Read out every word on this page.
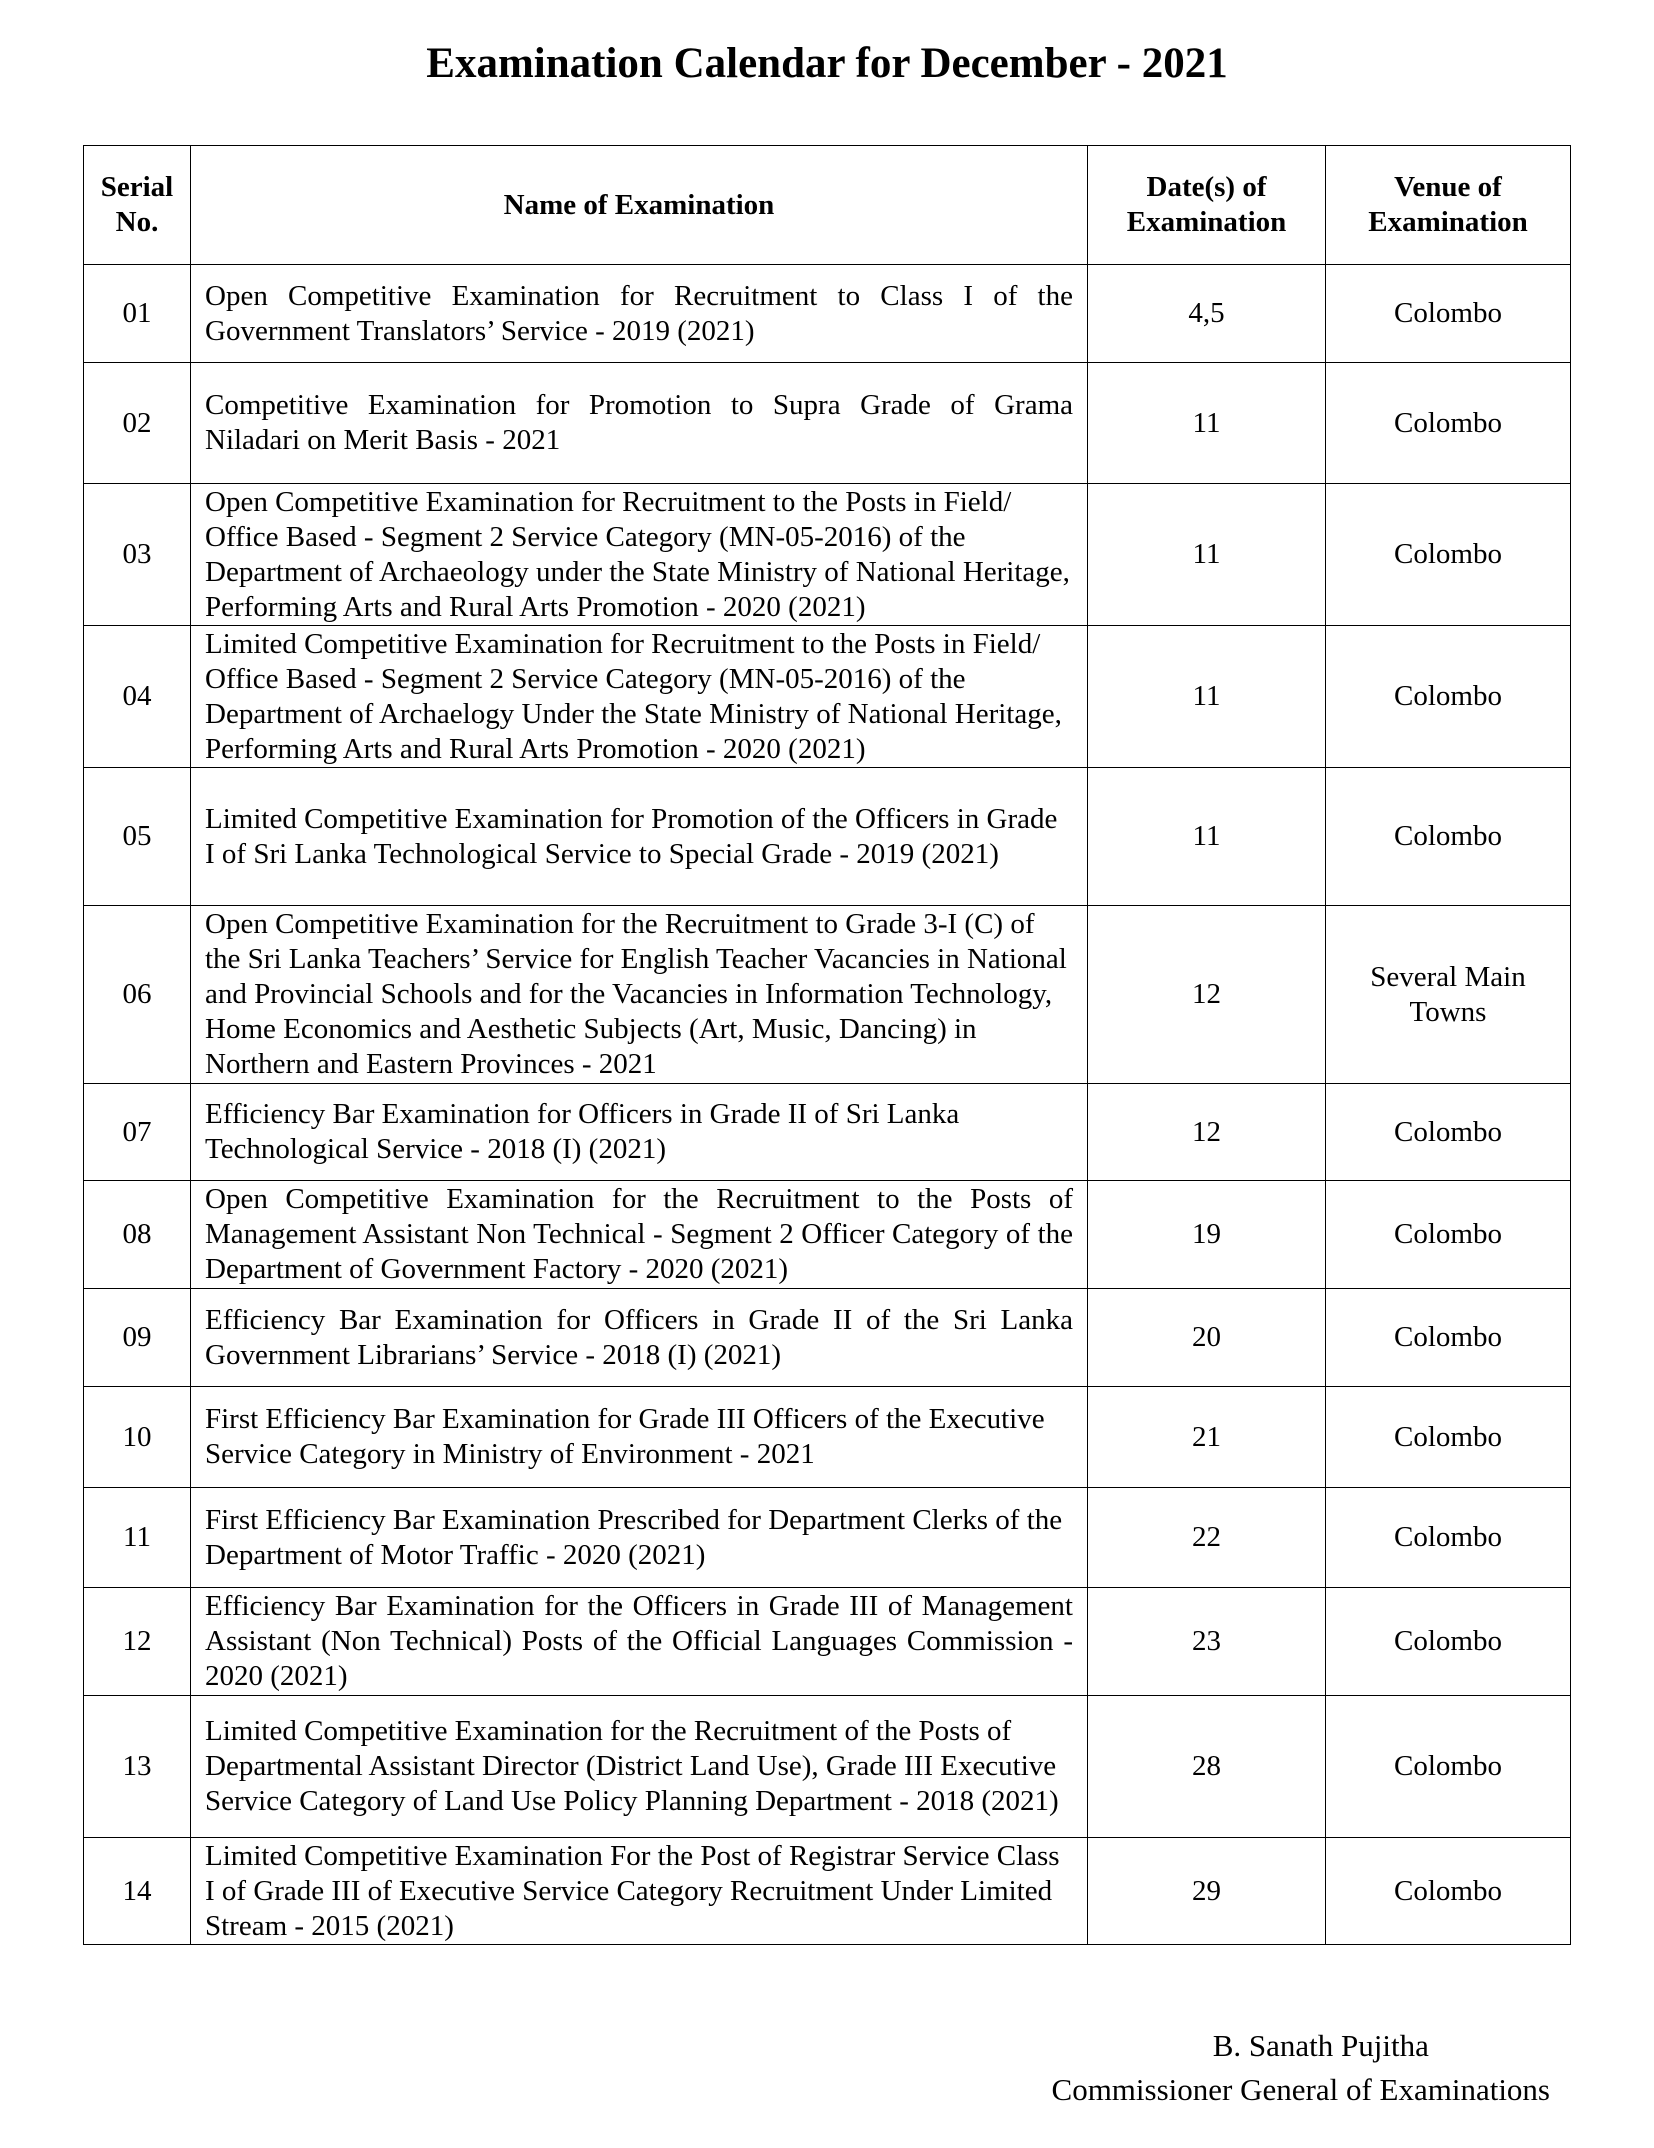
Examination Calendar for December - 2021
Serial No.	Name of Examination	Date(s) of Examination	Venue of Examination
01	Open Competitive Examination for Recruitment to Class I of the Government Translators’ Service - 2019 (2021)	4,5	Colombo
02	Competitive Examination for Promotion to Supra Grade of Grama Niladari on Merit Basis - 2021	11	Colombo
03	Open Competitive Examination for Recruitment to the Posts in Field/ Office Based - Segment 2 Service Category (MN-05-2016) of the Department of Archaeology under the State Ministry of National Heritage, Performing Arts and Rural Arts Promotion - 2020 (2021)	11	Colombo
04	Limited Competitive Examination for Recruitment to the Posts in Field/ Office Based - Segment 2 Service Category (MN-05-2016) of the Department of Archaelogy Under the State Ministry of National Heritage, Performing Arts and Rural Arts Promotion - 2020 (2021)	11	Colombo
05	Limited Competitive Examination for Promotion of the Officers in Grade I of Sri Lanka Technological Service to Special Grade - 2019 (2021)	11	Colombo
06	Open Competitive Examination for the Recruitment to Grade 3-I (C) of the Sri Lanka Teachers’ Service for English Teacher Vacancies in National and Provincial Schools and for the Vacancies in Information Technology, Home Economics and Aesthetic Subjects (Art, Music, Dancing) in Northern and Eastern Provinces - 2021	12	Several Main Towns
07	Efficiency Bar Examination for Officers in Grade II of Sri Lanka Technological Service - 2018 (I) (2021)	12	Colombo
08	Open Competitive Examination for the Recruitment to the Posts of Management Assistant Non Technical - Segment 2 Officer Category of the Department of Government Factory - 2020 (2021)	19	Colombo
09	Efficiency Bar Examination for Officers in Grade II of the Sri Lanka Government Librarians’ Service - 2018 (I) (2021)	20	Colombo
10	First Efficiency Bar Examination for Grade III Officers of the Executive Service Category in Ministry of Environment - 2021	21	Colombo
11	First Efficiency Bar Examination Prescribed for Department Clerks of the Department of Motor Traffic - 2020 (2021)	22	Colombo
12	Efficiency Bar Examination for the Officers in Grade III of Management Assistant (Non Technical) Posts of the Official Languages Commission - 2020 (2021)	23	Colombo
13	Limited Competitive Examination for the Recruitment of the Posts of Departmental Assistant Director (District Land Use), Grade III Executive Service Category of Land Use Policy Planning Department - 2018 (2021)	28	Colombo
14	Limited Competitive Examination For the Post of Registrar Service Class I of Grade III of Executive Service Category Recruitment Under Limited Stream - 2015 (2021)	29	Colombo
B. Sanath Pujitha
Commissioner General of Examinations
